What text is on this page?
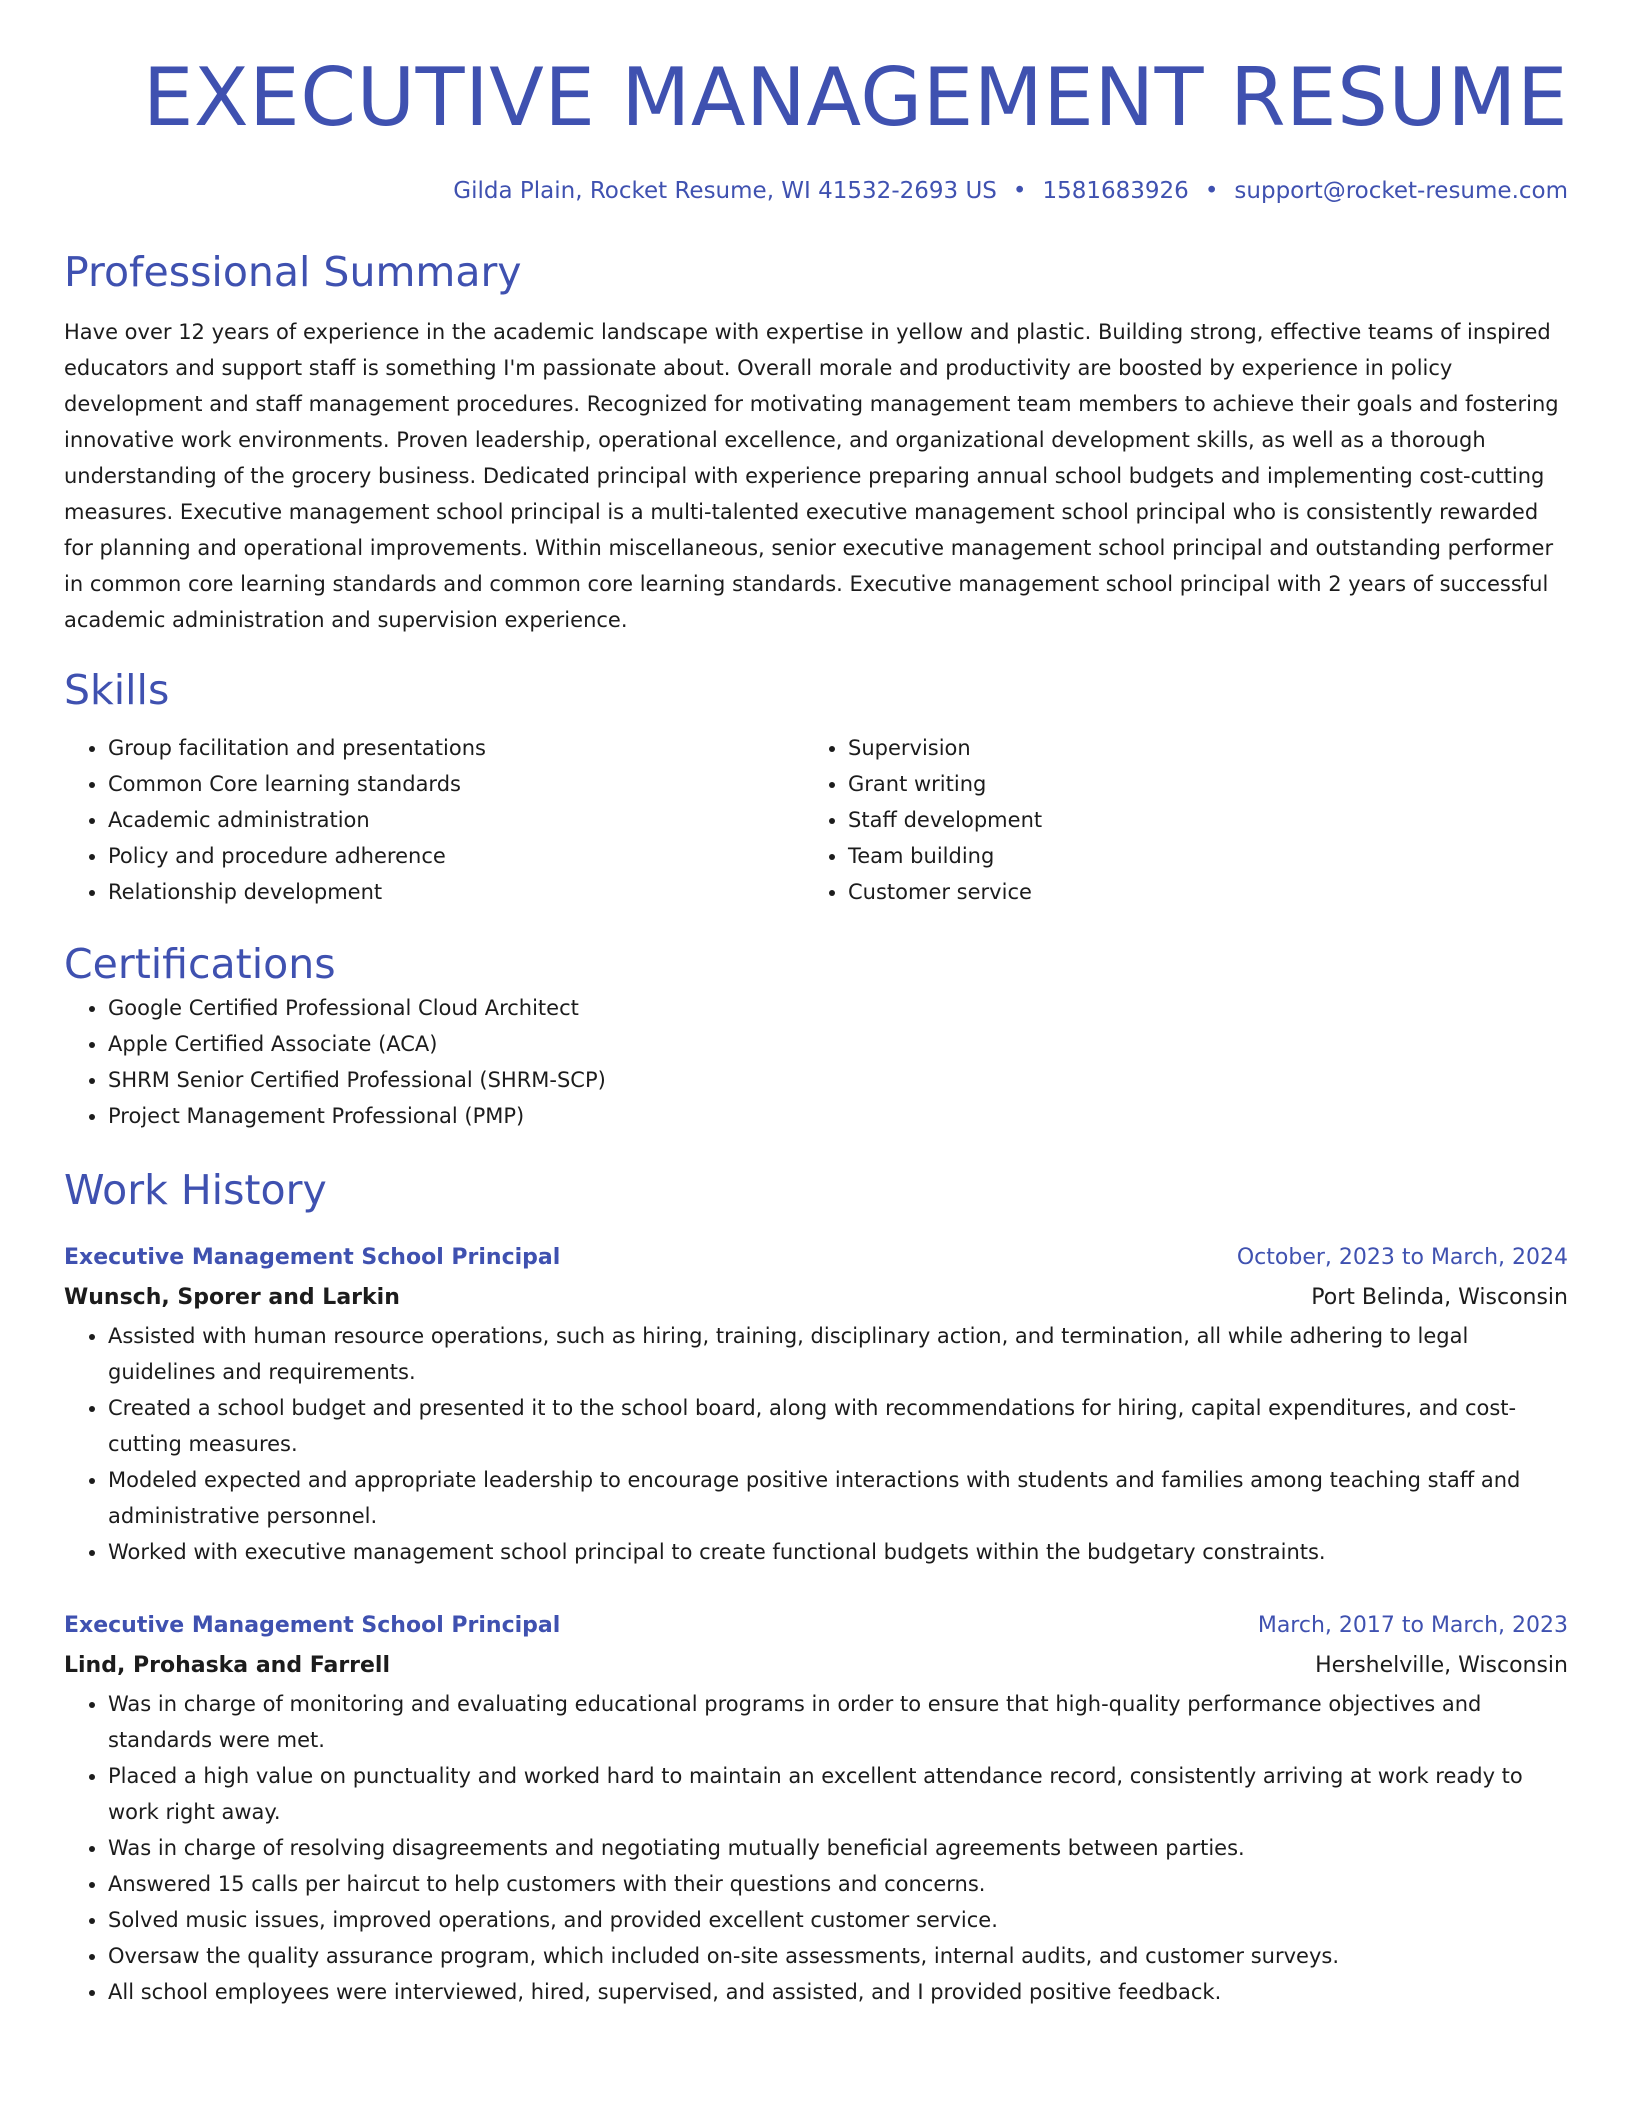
EXECUTIVE MANAGEMENT RESUME
Gilda Plain, Rocket Resume, WI 41532-2693 US • 1581683926 • support@rocket-resume.com
Professional Summary

Have over 12 years of experience in the academic landscape with expertise in yellow and plastic. Building strong, effective teams of inspired educators and support staff is something I'm passionate about. Overall morale and productivity are boosted by experience in policy development and staff management procedures. Recognized for motivating management team members to achieve their goals and fostering innovative work environments. Proven leadership, operational excellence, and organizational development skills, as well as a thorough understanding of the grocery business. Dedicated principal with experience preparing annual school budgets and implementing cost-cutting measures. Executive management school principal is a multi-talented executive management school principal who is consistently rewarded for planning and operational improvements. Within miscellaneous, senior executive management school principal and outstanding performer in common core learning standards and common core learning standards. Executive management school principal with 2 years of successful academic administration and supervision experience.

Skills
• Group facilitation and presentations
• Common Core learning standards
• Academic administration
• Policy and procedure adherence
• Relationship development
• Supervision
• Grant writing
• Staff development
• Team building
• Customer service
Certifications
• Google Certified Professional Cloud Architect
• Apple Certified Associate (ACA)
• SHRM Senior Certified Professional (SHRM-SCP)
• Project Management Professional (PMP)
Work History
Executive Management School Principal	October, 2023 to March, 2024
Wunsch, Sporer and Larkin	Port Belinda, Wisconsin
• Assisted with human resource operations, such as hiring, training, disciplinary action, and termination, all while adhering to legal guidelines and requirements.
• Created a school budget and presented it to the school board, along with recommendations for hiring, capital expenditures, and cost-cutting measures.
• Modeled expected and appropriate leadership to encourage positive interactions with students and families among teaching staff and administrative personnel.
• Worked with executive management school principal to create functional budgets within the budgetary constraints.
Executive Management School Principal	March, 2017 to March, 2023
Lind, Prohaska and Farrell	Hershelville, Wisconsin
• Was in charge of monitoring and evaluating educational programs in order to ensure that high-quality performance objectives and standards were met.
• Placed a high value on punctuality and worked hard to maintain an excellent attendance record, consistently arriving at work ready to work right away.
• Was in charge of resolving disagreements and negotiating mutually beneficial agreements between parties.
• Answered 15 calls per haircut to help customers with their questions and concerns.
• Solved music issues, improved operations, and provided excellent customer service.
• Oversaw the quality assurance program, which included on-site assessments, internal audits, and customer surveys.
• All school employees were interviewed, hired, supervised, and assisted, and I provided positive feedback.
